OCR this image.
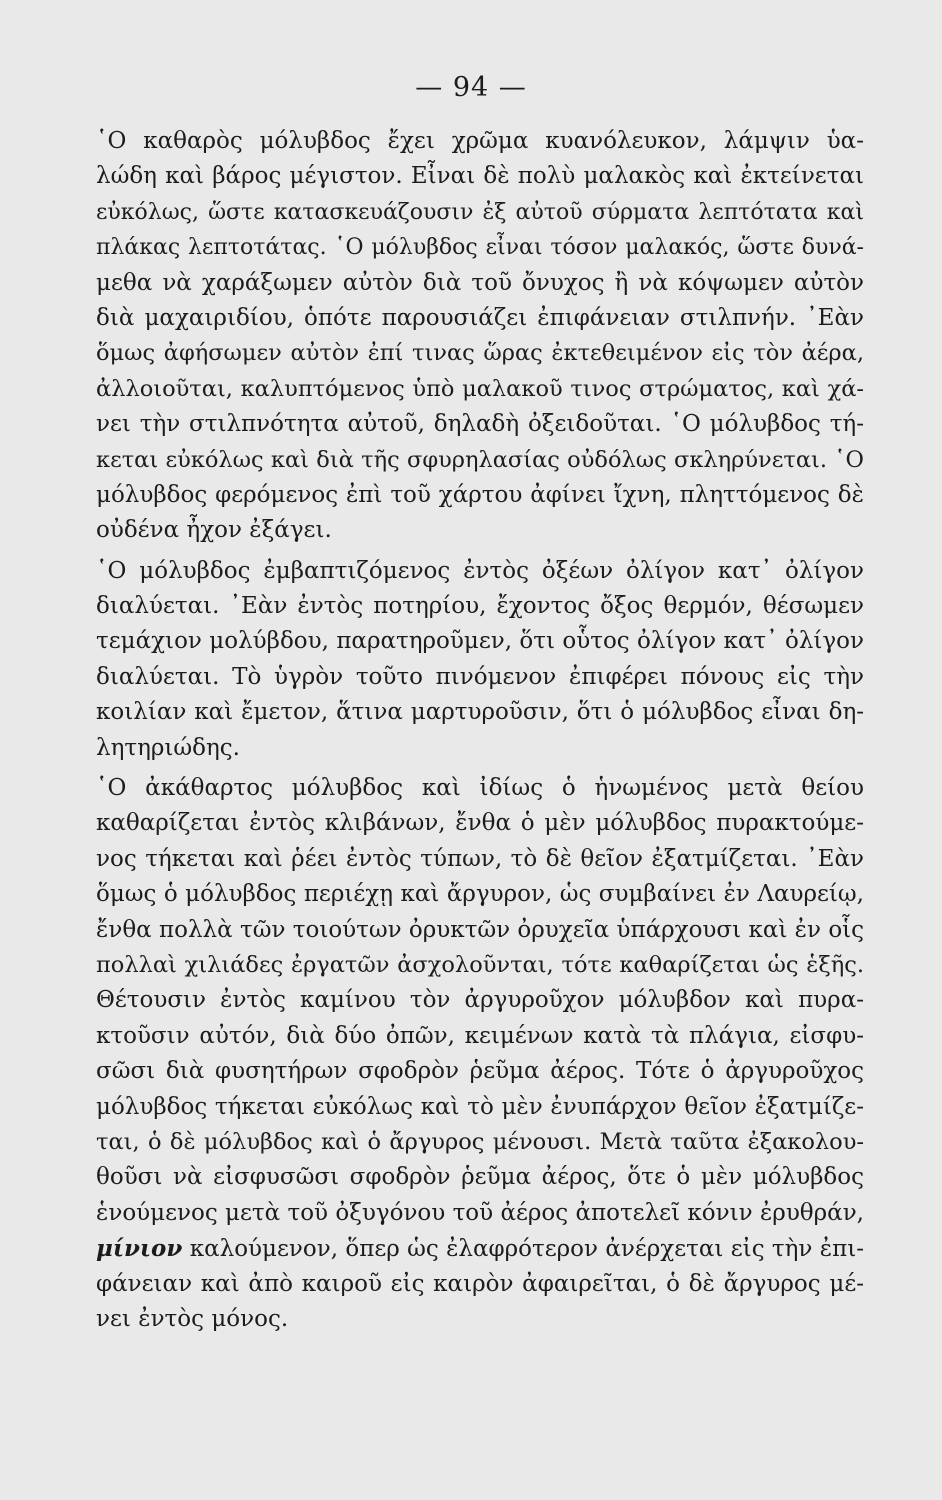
— 94 —
῾Ο καθαρὸς μόλυβδος ἔχει χρῶμα κυανόλευκον, λάμψιν ὑα-
λώδη καὶ βάρος μέγιστον. Εἶναι δὲ πολὺ μαλακὸς καὶ ἐκτείνεται
εὐκόλως, ὥστε κατασκευάζουσιν ἐξ αὐτοῦ σύρματα λεπτότατα καὶ
πλάκας λεπτοτάτας. ῾Ο μόλυβδος εἶναι τόσον μαλακός, ὥστε δυνά-
μεθα νὰ χαράξωμεν αὐτὸν διὰ τοῦ ὄνυχος ἢ νὰ κόψωμεν αὐτὸν
διὰ μαχαιριδίου, ὁπότε παρουσιάζει ἐπιφάνειαν στιλπνήν. ᾿Εὰν
ὅμως ἀφήσωμεν αὐτὸν ἐπί τινας ὥρας ἐκτεθειμένον εἰς τὸν ἀέρα,
ἀλλοιοῦται, καλυπτόμενος ὑπὸ μαλακοῦ τινος στρώματος, καὶ χά-
νει τὴν στιλπνότητα αὐτοῦ, δηλαδὴ ὀξειδοῦται. ῾Ο μόλυβδος τή-
κεται εὐκόλως καὶ διὰ τῆς σφυρηλασίας οὐδόλως σκληρύνεται. ῾Ο
μόλυβδος φερόμενος ἐπὶ τοῦ χάρτου ἀφίνει ἴχνη, πληττόμενος δὲ
οὐδένα ἦχον ἐξάγει.
῾Ο μόλυβδος ἐμβαπτιζόμενος ἐντὸς ὀξέων ὀλίγον κατ᾿ ὀλίγον
διαλύεται. ᾿Εὰν ἐντὸς ποτηρίου, ἔχοντος ὄξος θερμόν, θέσωμεν
τεμάχιον μολύβδου, παρατηροῦμεν, ὅτι οὗτος ὀλίγον κατ᾿ ὀλίγον
διαλύεται. Τὸ ὑγρὸν τοῦτο πινόμενον ἐπιφέρει πόνους εἰς τὴν
κοιλίαν καὶ ἔμετον, ἅτινα μαρτυροῦσιν, ὅτι ὁ μόλυβδος εἶναι δη-
λητηριώδης.
῾Ο ἀκάθαρτος μόλυβδος καὶ ἰδίως ὁ ἡνωμένος μετὰ θείου
καθαρίζεται ἐντὸς κλιβάνων, ἔνθα ὁ μὲν μόλυβδος πυρακτούμε-
νος τήκεται καὶ ῥέει ἐντὸς τύπων, τὸ δὲ θεῖον ἐξατμίζεται. ᾿Εὰν
ὅμως ὁ μόλυβδος περιέχῃ καὶ ἄργυρον, ὡς συμβαίνει ἐν Λαυρείῳ,
ἔνθα πολλὰ τῶν τοιούτων ὀρυκτῶν ὀρυχεῖα ὑπάρχουσι καὶ ἐν οἷς
πολλαὶ χιλιάδες ἐργατῶν ἀσχολοῦνται, τότε καθαρίζεται ὡς ἑξῆς.
Θέτουσιν ἐντὸς καμίνου τὸν ἀργυροῦχον μόλυβδον καὶ πυρα-
κτοῦσιν αὐτόν, διὰ δύο ὀπῶν, κειμένων κατὰ τὰ πλάγια, εἰσφυ-
σῶσι διὰ φυσητήρων σφοδρὸν ῥεῦμα ἀέρος. Τότε ὁ ἀργυροῦχος
μόλυβδος τήκεται εὐκόλως καὶ τὸ μὲν ἐνυπάρχον θεῖον ἐξατμίζε-
ται, ὁ δὲ μόλυβδος καὶ ὁ ἄργυρος μένουσι. Μετὰ ταῦτα ἐξακολου-
θοῦσι νὰ εἰσφυσῶσι σφοδρὸν ῥεῦμα ἀέρος, ὅτε ὁ μὲν μόλυβδος
ἑνούμενος μετὰ τοῦ ὀξυγόνου τοῦ ἀέρος ἀποτελεῖ κόνιν ἐρυθράν,
μίνιον καλούμενον, ὅπερ ὡς ἐλαφρότερον ἀνέρχεται εἰς τὴν ἐπι-
φάνειαν καὶ ἀπὸ καιροῦ εἰς καιρὸν ἀφαιρεῖται, ὁ δὲ ἄργυρος μέ-
νει ἐντὸς μόνος.
